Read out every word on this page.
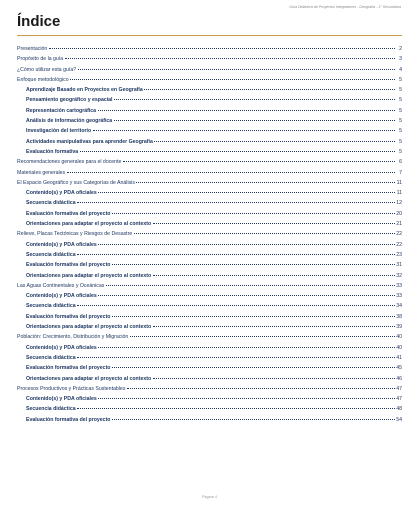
Guía Didáctica de Proyectos Integradores - Geografía - 1° Secundaria
Índice
Presentación	2
Propósito de la guía	3
¿Cómo utilizar esta guía?	4
Enfoque metodológico	5
Aprendizaje Basado en Proyectos en Geografía	5
Pensamiento geográfico y espacial	5
Representación cartográfica	5
Análisis de información geográfica	5
Investigación del territorio	5
Actividades manipulativas para aprender Geografía	5
Evaluación formativa	5
Recomendaciones generales para el docente	6
Materiales generales	7
El Espacio Geográfico y sus Categorías de Análisis	11
Contenido(s) y PDA oficiales	11
Secuencia didáctica	12
Evaluación formativa del proyecto	20
Orientaciones para adaptar el proyecto al contexto	21
Relieve, Placas Tectónicas y Riesgos de Desastre	22
Contenido(s) y PDA oficiales	22
Secuencia didáctica	23
Evaluación formativa del proyecto	31
Orientaciones para adaptar el proyecto al contexto	32
Las Aguas Continentales y Oceánicas	33
Contenido(s) y PDA oficiales	33
Secuencia didáctica	34
Evaluación formativa del proyecto	38
Orientaciones para adaptar el proyecto al contexto	39
Población: Crecimiento, Distribución y Migración	40
Contenido(s) y PDA oficiales	40
Secuencia didáctica	41
Evaluación formativa del proyecto	45
Orientaciones para adaptar el proyecto al contexto	46
Procesos Productivos y Prácticas Sustentables	47
Contenido(s) y PDA oficiales	47
Secuencia didáctica	48
Evaluación formativa del proyecto	54
Página 4
